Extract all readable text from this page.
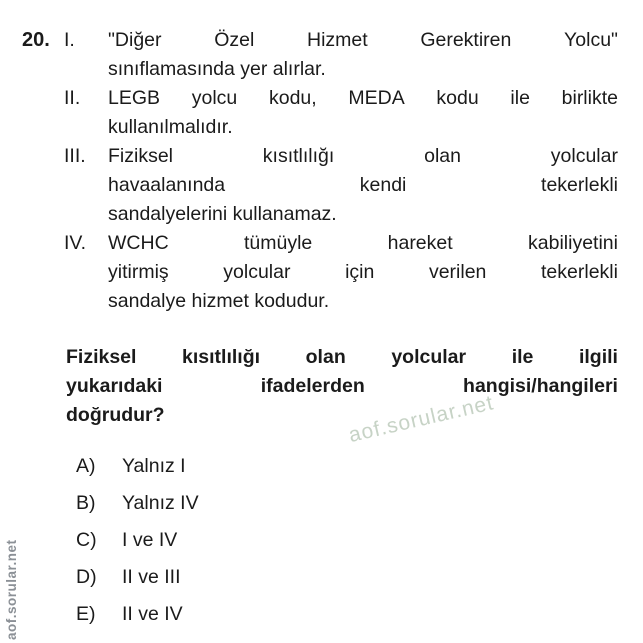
20. I.	"Diğer	Özel	Hizmet	Gerektiren	Yolcu"
sınıflamasında yer alırlar.
II.	LEGB yolcu kodu, MEDA kodu ile birlikte
kullanılmalıdır.
III.	Fiziksel	kısıtlılığı	olan	yolcular
havaalanında	kendi	tekerlekli
sandalyelerini kullanamaz.
IV.	WCHC	tümüyle	hareket	kabiliyetini
yitirmiş	yolcular	için	verilen	tekerlekli
sandalye hizmet kodudur.
Fiziksel kısıtlılığı olan yolcular ile ilgili
yukarıdaki	ifadelerden	hangisi/hangileri
doğrudur?
A)	Yalnız I
B)	Yalnız IV
C)	I ve IV
D)	II ve III
E)	II ve IV
aof.sorular.net
aof.sorular.net
